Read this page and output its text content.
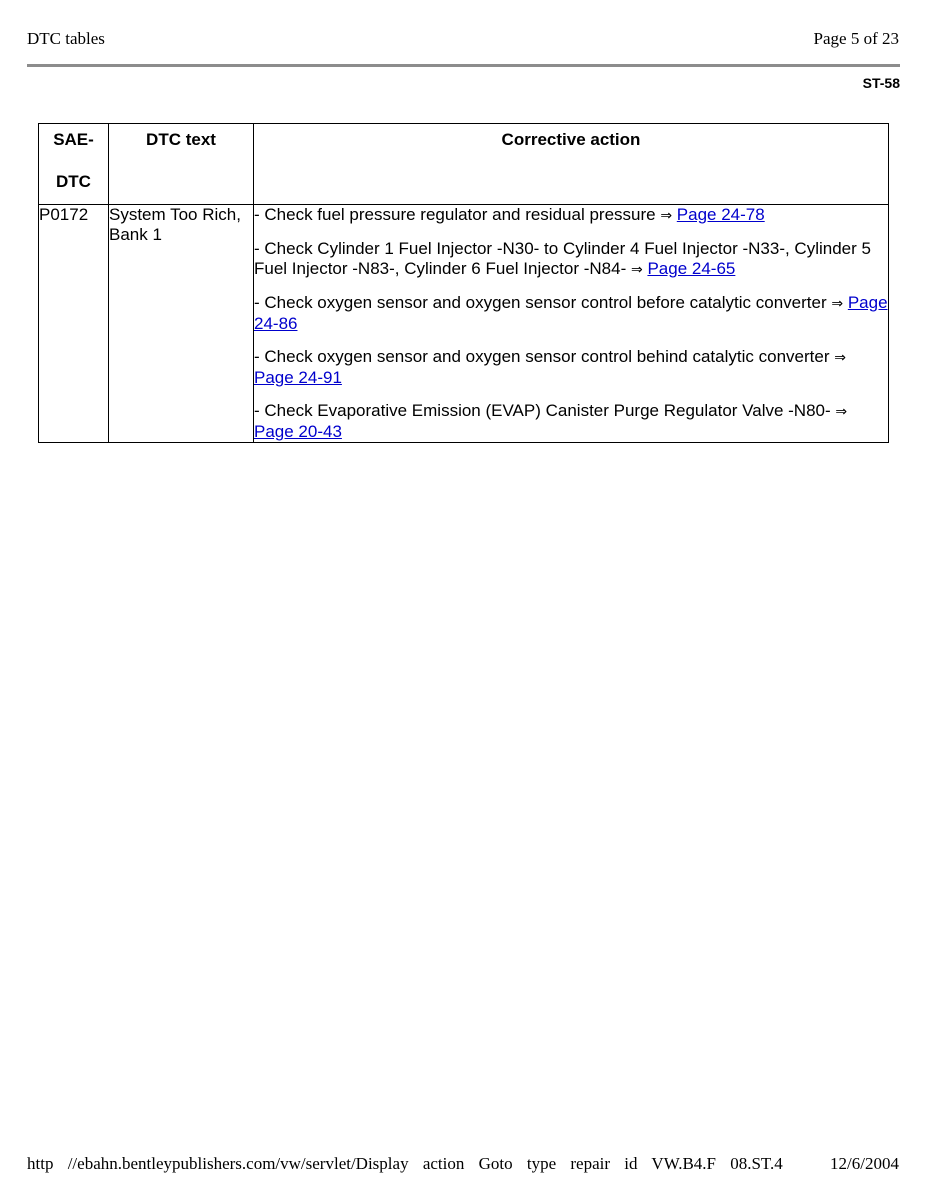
DTC tables	Page 5 of 23
ST-58
SAE-
DTC	DTC text	Corrective action
P0172	System Too Rich, Bank 1	- Check fuel pressure regulator and residual pressure ⇒ Page 24-78
- Check Cylinder 1 Fuel Injector -N30- to Cylinder 4 Fuel Injector -N33-, Cylinder 5 Fuel Injector -N83-, Cylinder 6 Fuel Injector -N84- ⇒ Page 24-65
- Check oxygen sensor and oxygen sensor control before catalytic converter ⇒ Page 24-86
- Check oxygen sensor and oxygen sensor control behind catalytic converter ⇒ Page 24-91
- Check Evaporative Emission (EVAP) Canister Purge Regulator Valve -N80- ⇒ Page 20-43
http //ebahn.bentleypublishers.com/vw/servlet/Display action Goto type repair id VW.B4.F 08.ST.4	12/6/2004
